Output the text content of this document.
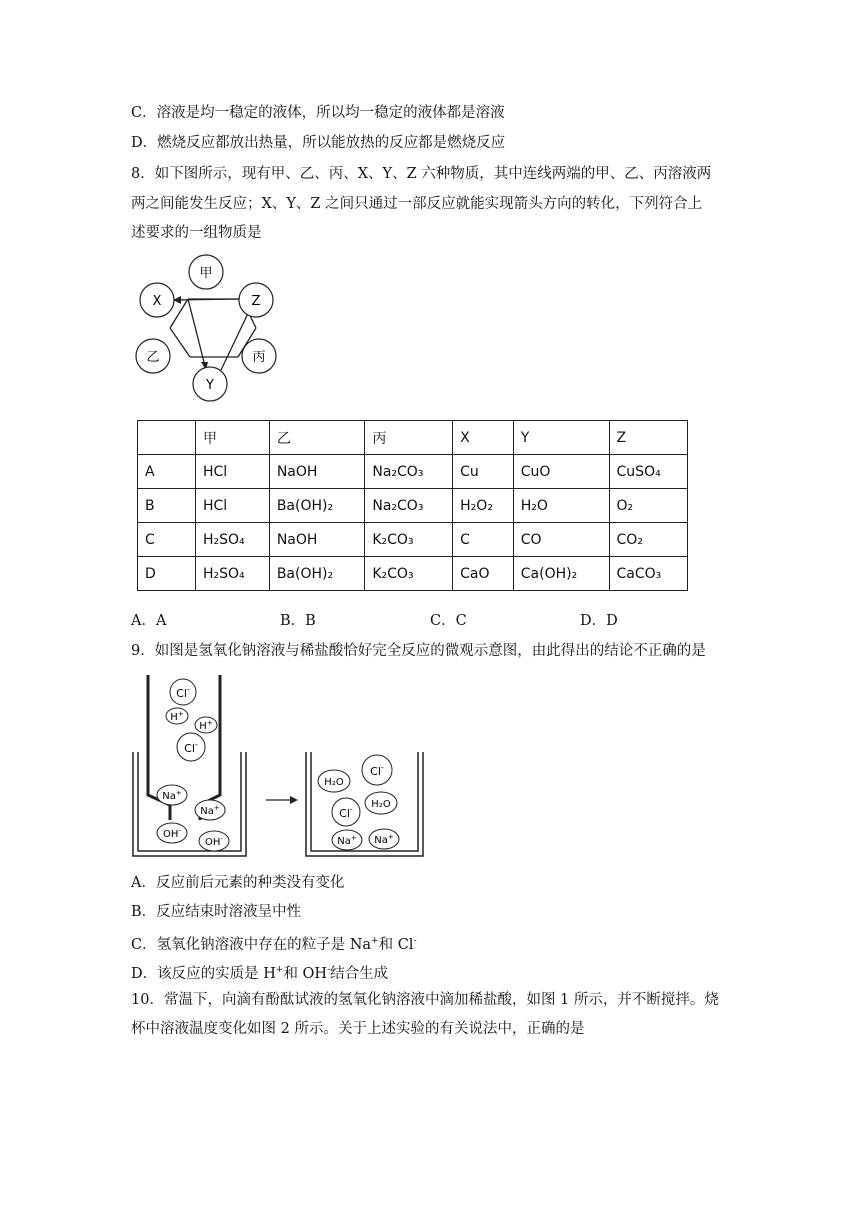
C．溶液是均一稳定的液体，所以均一稳定的液体都是溶液
D．燃烧反应都放出热量，所以能放热的反应都是燃烧反应
8．如下图所示，现有甲、乙、丙、X、Y、Z 六种物质，其中连线两端的甲、乙、丙溶液两
两之间能发生反应；X、Y、Z 之间只通过一部反应就能实现箭头方向的转化，下列符合上
述要求的一组物质是
甲
X	Z
乙	丙
Y
	甲	乙	丙	X	Y	Z
A	HCl	NaOH	Na₂CO₃	Cu	CuO	CuSO₄
B	HCl	Ba(OH)₂	Na₂CO₃	H₂O₂	H₂O	O₂
C	H₂SO₄	NaOH	K₂CO₃	C	CO	CO₂
D	H₂SO₄	Ba(OH)₂	K₂CO₃	CaO	Ca(OH)₂	CaCO₃
A．A	B．B	C．C	D．D
9．如图是氢氧化钠溶液与稀盐酸恰好完全反应的微观示意图，由此得出的结论不正确的是
Cl-
H+
H+
Cl-
Na+
Na+
OH-
OH-
H₂O
Cl-
H₂O
Cl-
Na+ Na+
A．反应前后元素的种类没有变化
B．反应结束时溶液呈中性
C．氢氧化钠溶液中存在的粒子是 Na+和 Cl-
D．该反应的实质是 H+和 OH-结合生成
10．常温下，向滴有酚酞试液的氢氧化钠溶液中滴加稀盐酸，如图 1 所示，并不断搅拌。烧
杯中溶液温度变化如图 2 所示。关于上述实验的有关说法中，正确的是
